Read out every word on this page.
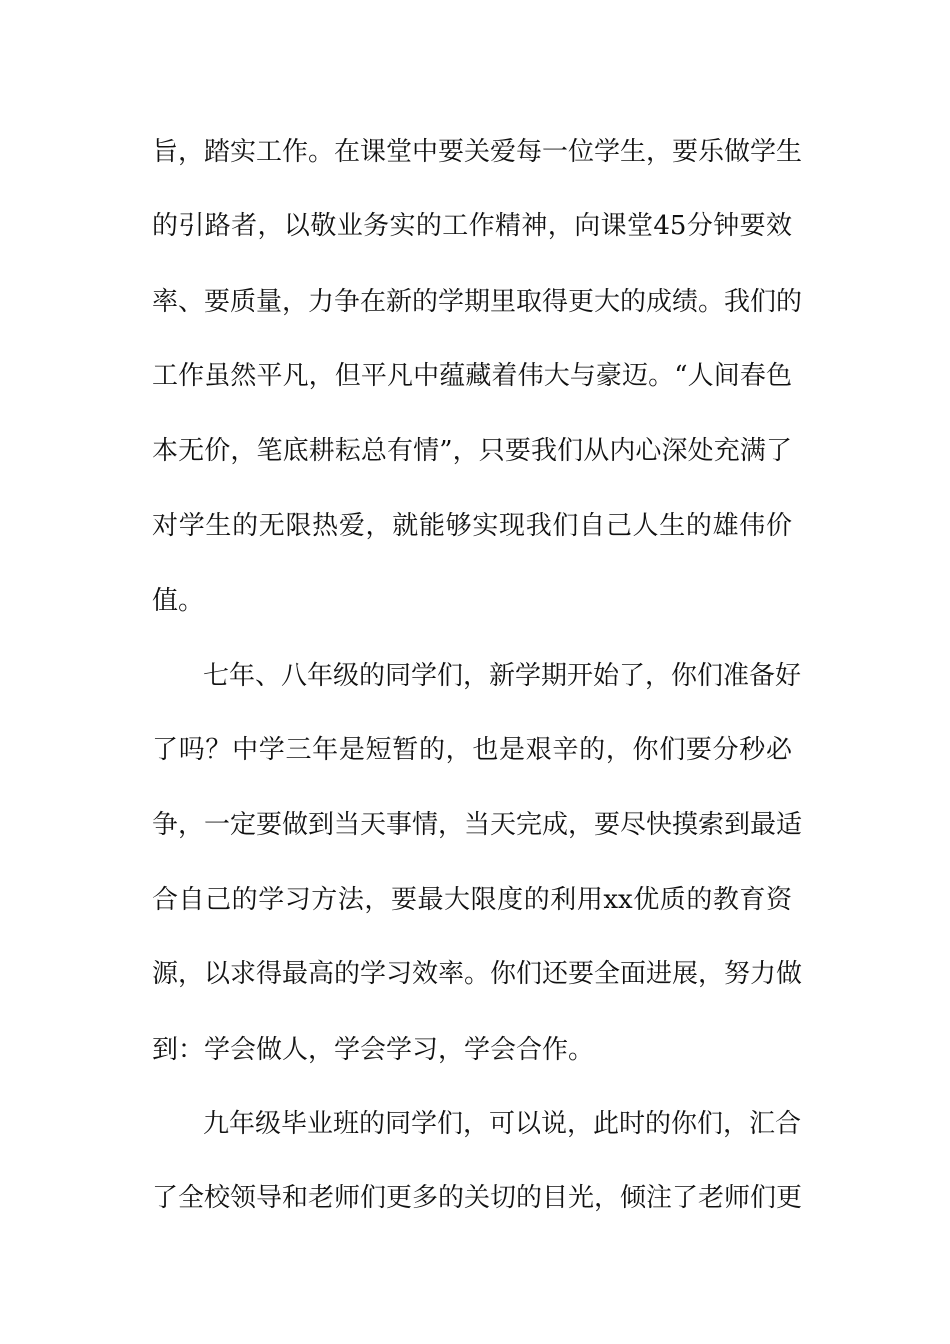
旨，踏实工作。在课堂中要关爱每一位学生，要乐做学生
的引路者，以敬业务实的工作精神，向课堂45分钟要效
率、要质量，力争在新的学期里取得更大的成绩。我们的
工作虽然平凡，但平凡中蕴藏着伟大与豪迈。“人间春色
本无价，笔底耕耘总有情”，只要我们从内心深处充满了
对学生的无限热爱，就能够实现我们自己人生的雄伟价
值。
七年、八年级的同学们，新学期开始了，你们准备好
了吗？中学三年是短暂的，也是艰辛的，你们要分秒必
争，一定要做到当天事情，当天完成，要尽快摸索到最适
合自己的学习方法，要最大限度的利用xx优质的教育资
源，以求得最高的学习效率。你们还要全面进展，努力做
到：学会做人，学会学习，学会合作。
九年级毕业班的同学们，可以说，此时的你们，汇合
了全校领导和老师们更多的关切的目光，倾注了老师们更
